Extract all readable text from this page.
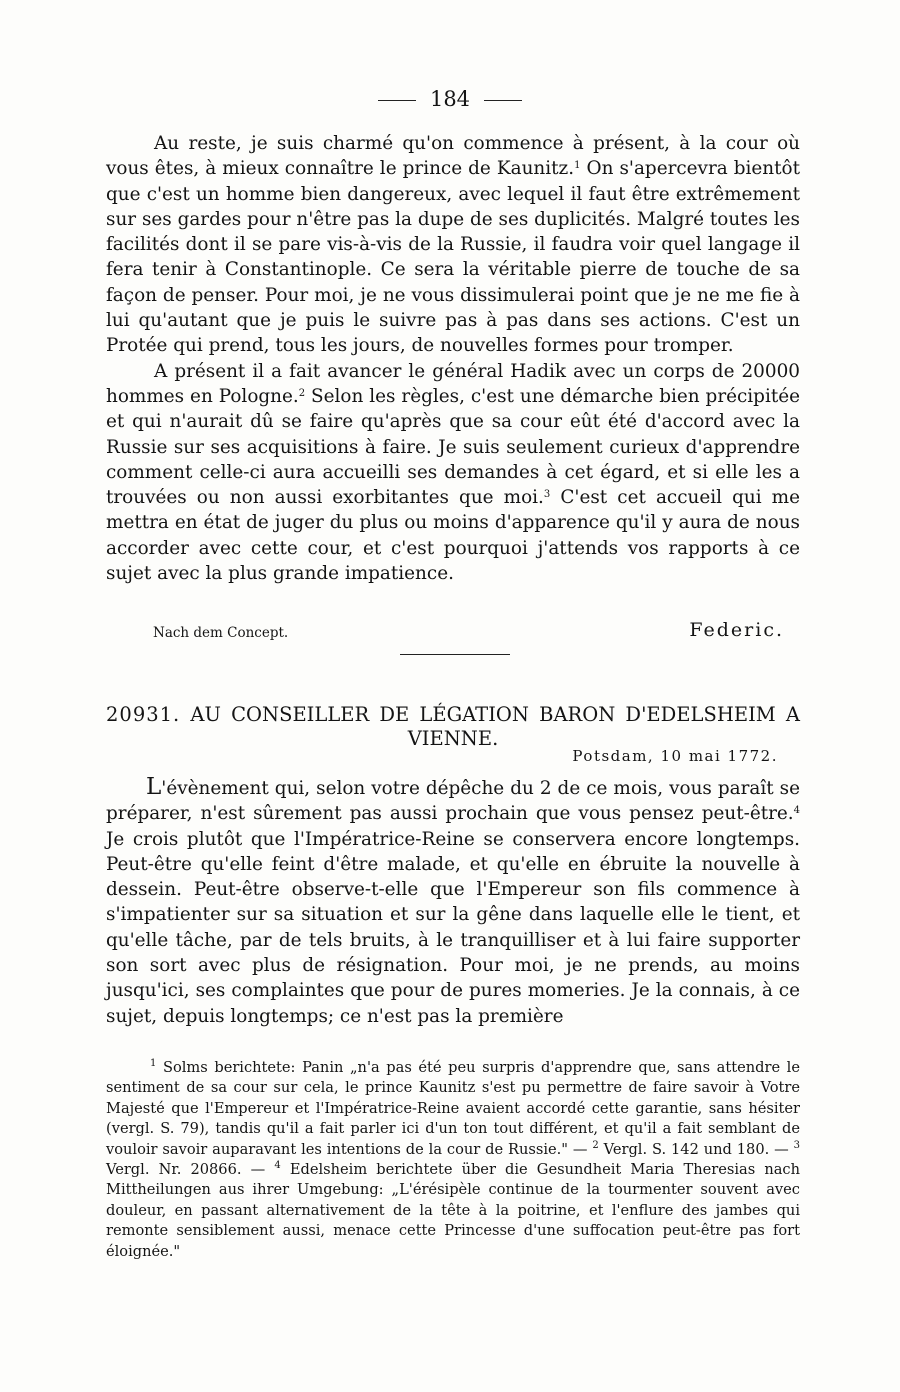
184

Au reste, je suis charmé qu'on commence à présent, à la cour où vous êtes, à mieux connaître le prince de Kaunitz.$^1$ On s'apercevra bientôt que c'est un homme bien dangereux, avec lequel il faut être extrêmement sur ses gardes pour n'être pas la dupe de ses duplicités. Malgré toutes les facilités dont il se pare vis-à-vis de la Russie, il faudra voir quel langage il fera tenir à Constantinople. Ce sera la véritable pierre de touche de sa façon de penser. Pour moi, je ne vous dissimulerai point que je ne me fie à lui qu'autant que je puis le suivre pas à pas dans ses actions. C'est un Protée qui prend, tous les jours, de nouvelles formes pour tromper.

A présent il a fait avancer le général Hadik avec un corps de 20000 hommes en Pologne.$^2$ Selon les règles, c'est une démarche bien précipitée et qui n'aurait dû se faire qu'après que sa cour eût été d'accord avec la Russie sur ses acquisitions à faire. Je suis seulement curieux d'apprendre comment celle-ci aura accueilli ses demandes à cet égard, et si elle les a trouvées ou non aussi exorbitantes que moi.$^3$ C'est cet accueil qui me mettra en état de juger du plus ou moins d'apparence qu'il y aura de nous accorder avec cette cour, et c'est pourquoi j'attends vos rapports à ce sujet avec la plus grande impatience.

Nach dem Concept.	Federic.
20931. AU CONSEILLER DE LÉGATION BARON D'EDELSHEIM A VIENNE.
Potsdam, 10 mai 1772.

L'évènement qui, selon votre dépêche du 2 de ce mois, vous paraît se préparer, n'est sûrement pas aussi prochain que vous pensez peut-être.$^4$ Je crois plutôt que l'Impératrice-Reine se conservera encore longtemps. Peut-être qu'elle feint d'être malade, et qu'elle en ébruite la nouvelle à dessein. Peut-être observe-t-elle que l'Empereur son fils commence à s'impatienter sur sa situation et sur la gêne dans laquelle elle le tient, et qu'elle tâche, par de tels bruits, à le tranquilliser et à lui faire supporter son sort avec plus de résignation. Pour moi, je ne prends, au moins jusqu'ici, ses complaintes que pour de pures momeries. Je la connais, à ce sujet, depuis longtemps; ce n'est pas la première

$^1$ Solms berichtete: Panin „n'a pas été peu surpris d'apprendre que, sans attendre le sentiment de sa cour sur cela, le prince Kaunitz s'est pu permettre de faire savoir à Votre Majesté que l'Empereur et l'Impératrice-Reine avaient accordé cette garantie, sans hésiter (vergl. S. 79), tandis qu'il a fait parler ici d'un ton tout différent, et qu'il a fait semblant de vouloir savoir auparavant les intentions de la cour de Russie." — $^2$ Vergl. S. 142 und 180. — $^3$ Vergl. Nr. 20866. — $^4$ Edelsheim berichtete über die Gesundheit Maria Theresias nach Mittheilungen aus ihrer Umgebung: „L'érésipèle continue de la tourmenter souvent avec douleur, en passant alternativement de la tête à la poitrine, et l'enflure des jambes qui remonte sensiblement aussi, menace cette Princesse d'une suffocation peut-être pas fort éloignée."
